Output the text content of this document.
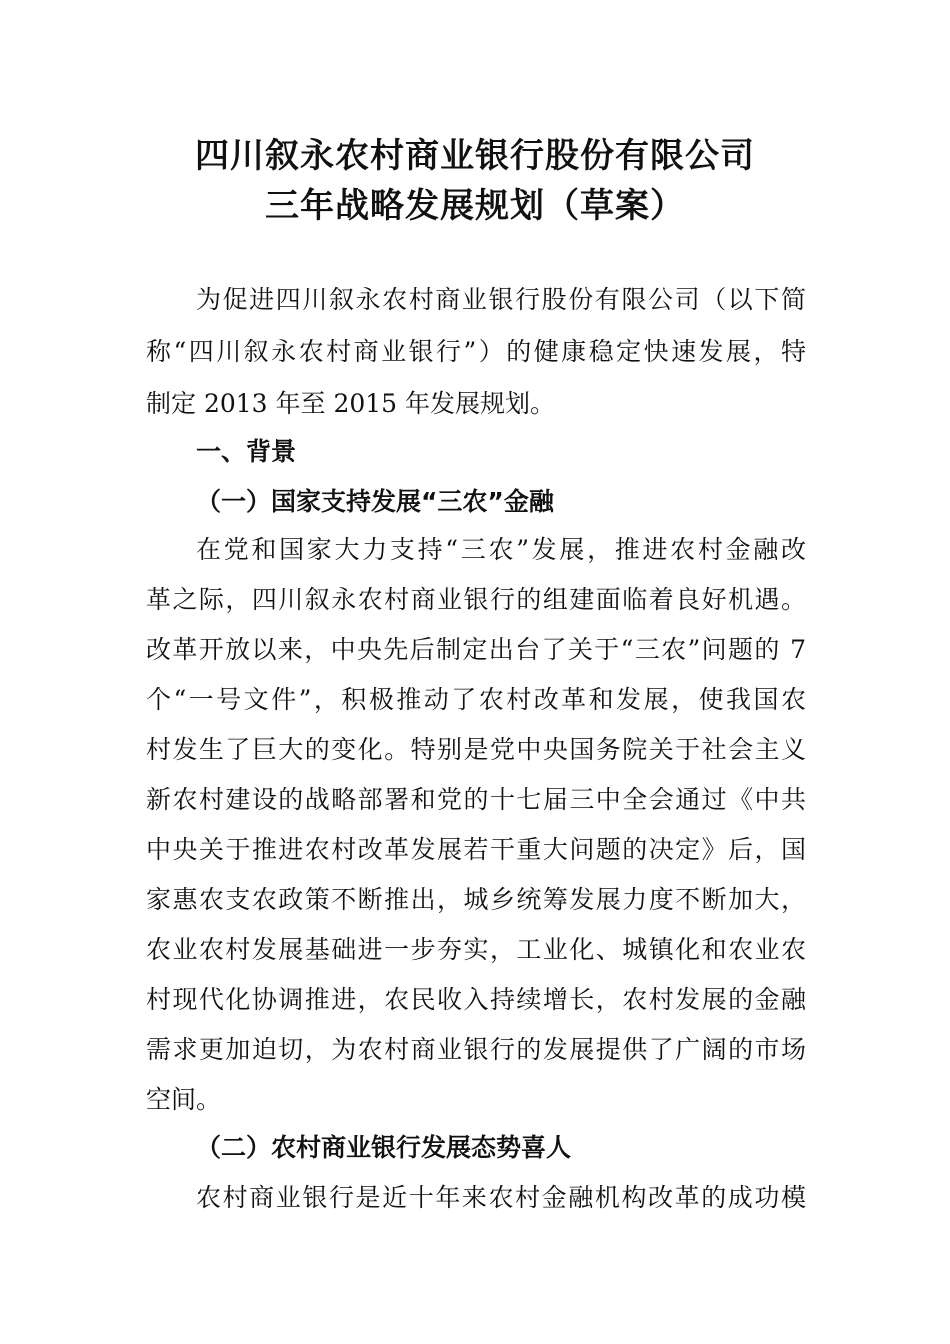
四川叙永农村商业银行股份有限公司
三年战略发展规划（草案）
为促进四川叙永农村商业银行股份有限公司（以下简
称“四川叙永农村商业银行”）的健康稳定快速发展，特
制定 2013 年至 2015 年发展规划。
一、背景
（一）国家支持发展“三农”金融
在党和国家大力支持“三农”发展，推进农村金融改
革之际，四川叙永农村商业银行的组建面临着良好机遇。
改革开放以来，中央先后制定出台了关于“三农”问题的 7
个“一号文件”，积极推动了农村改革和发展，使我国农
村发生了巨大的变化。特别是党中央国务院关于社会主义
新农村建设的战略部署和党的十七届三中全会通过《中共
中央关于推进农村改革发展若干重大问题的决定》后，国
家惠农支农政策不断推出，城乡统筹发展力度不断加大，
农业农村发展基础进一步夯实，工业化、城镇化和农业农
村现代化协调推进，农民收入持续增长，农村发展的金融
需求更加迫切，为农村商业银行的发展提供了广阔的市场
空间。
（二）农村商业银行发展态势喜人
农村商业银行是近十年来农村金融机构改革的成功模
